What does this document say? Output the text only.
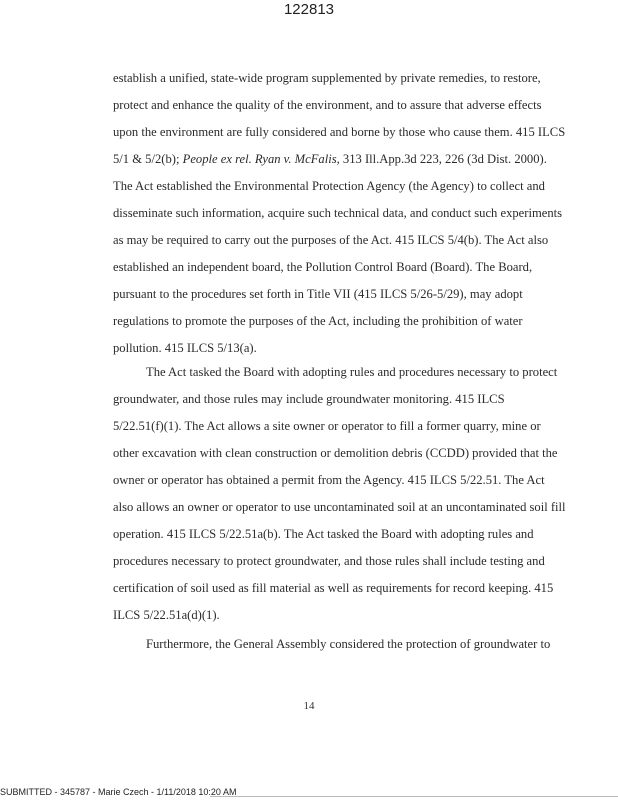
122813
establish a unified, state-wide program supplemented by private remedies, to restore,
protect and enhance the quality of the environment, and to assure that adverse effects
upon the environment are fully considered and borne by those who cause them. 415 ILCS
5/1 & 5/2(b); People ex rel. Ryan v. McFalis, 313 Ill.App.3d 223, 226 (3d Dist. 2000).
The Act established the Environmental Protection Agency (the Agency) to collect and
disseminate such information, acquire such technical data, and conduct such experiments
as may be required to carry out the purposes of the Act. 415 ILCS 5/4(b). The Act also
established an independent board, the Pollution Control Board (Board). The Board,
pursuant to the procedures set forth in Title VII (415 ILCS 5/26-5/29), may adopt
regulations to promote the purposes of the Act, including the prohibition of water
pollution. 415 ILCS 5/13(a).
The Act tasked the Board with adopting rules and procedures necessary to protect
groundwater, and those rules may include groundwater monitoring. 415 ILCS
5/22.51(f)(1). The Act allows a site owner or operator to fill a former quarry, mine or
other excavation with clean construction or demolition debris (CCDD) provided that the
owner or operator has obtained a permit from the Agency. 415 ILCS 5/22.51. The Act
also allows an owner or operator to use uncontaminated soil at an uncontaminated soil fill
operation. 415 ILCS 5/22.51a(b). The Act tasked the Board with adopting rules and
procedures necessary to protect groundwater, and those rules shall include testing and
certification of soil used as fill material as well as requirements for record keeping. 415
ILCS 5/22.51a(d)(1).
Furthermore, the General Assembly considered the protection of groundwater to
14
SUBMITTED - 345787 - Marie Czech - 1/11/2018 10:20 AM
